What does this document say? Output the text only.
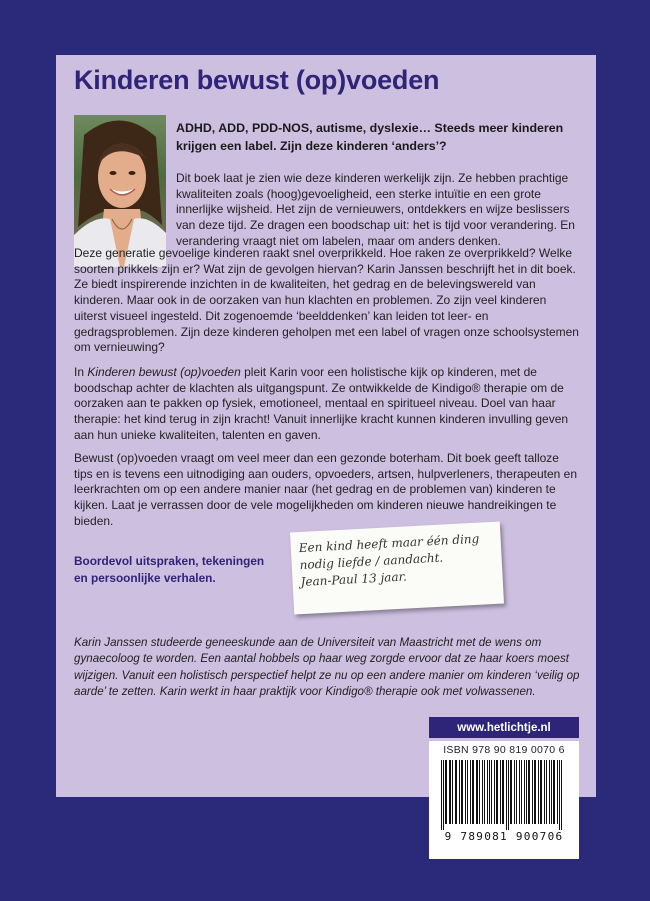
Kinderen bewust (op)voeden

ADHD, ADD, PDD-NOS, autisme, dyslexie… Steeds meer kinderen krijgen een label. Zijn deze kinderen ‘anders’?

Dit boek laat je zien wie deze kinderen werkelijk zijn. Ze hebben prachtige kwaliteiten zoals (hoog)gevoeligheid, een sterke intuïtie en een grote innerlijke wijsheid. Het zijn de vernieuwers, ontdekkers en wijze beslissers van deze tijd. Ze dragen een boodschap uit: het is tijd voor verandering. En verandering vraagt niet om labelen, maar om anders denken.

Deze generatie gevoelige kinderen raakt snel overprikkeld. Hoe raken ze overprikkeld? Welke soorten prikkels zijn er? Wat zijn de gevolgen hiervan? Karin Janssen beschrijft het in dit boek. Ze biedt inspirerende inzichten in de kwaliteiten, het gedrag en de belevingswereld van kinderen. Maar ook in de oorzaken van hun klachten en problemen. Zo zijn veel kinderen uiterst visueel ingesteld. Dit zogenoemde ‘beelddenken’ kan leiden tot leer- en gedragsproblemen. Zijn deze kinderen geholpen met een label of vragen onze schoolsystemen om vernieuwing?

In Kinderen bewust (op)voeden pleit Karin voor een holistische kijk op kinderen, met de boodschap achter de klachten als uitgangspunt. Ze ontwikkelde de Kindigo® therapie om de oorzaken aan te pakken op fysiek, emotioneel, mentaal en spiritueel niveau. Doel van haar therapie: het kind terug in zijn kracht! Vanuit innerlijke kracht kunnen kinderen invulling geven aan hun unieke kwaliteiten, talenten en gaven.

Bewust (op)voeden vraagt om veel meer dan een gezonde boterham. Dit boek geeft talloze tips en is tevens een uitnodiging aan ouders, opvoeders, artsen, hulpverleners, therapeuten en leerkrachten om op een andere manier naar (het gedrag en de problemen van) kinderen te kijken. Laat je verrassen door de vele mogelijkheden om kinderen nieuwe handreikingen te bieden.

Boordevol uitspraken, tekeningen en persoonlijke verhalen.

Een kind heeft maar één ding
nodig liefde / aandacht.
Jean-Paul 13 jaar.

Karin Janssen studeerde geneeskunde aan de Universiteit van Maastricht met de wens om gynaecoloog te worden. Een aantal hobbels op haar weg zorgde ervoor dat ze haar koers moest wijzigen. Vanuit een holistisch perspectief helpt ze nu op een andere manier om kinderen ‘veilig op aarde’ te zetten. Karin werkt in haar praktijk voor Kindigo® therapie ook met volwassenen.

www.hetlichtje.nl
ISBN 978 90 819 0070 6
9 789081 900706
